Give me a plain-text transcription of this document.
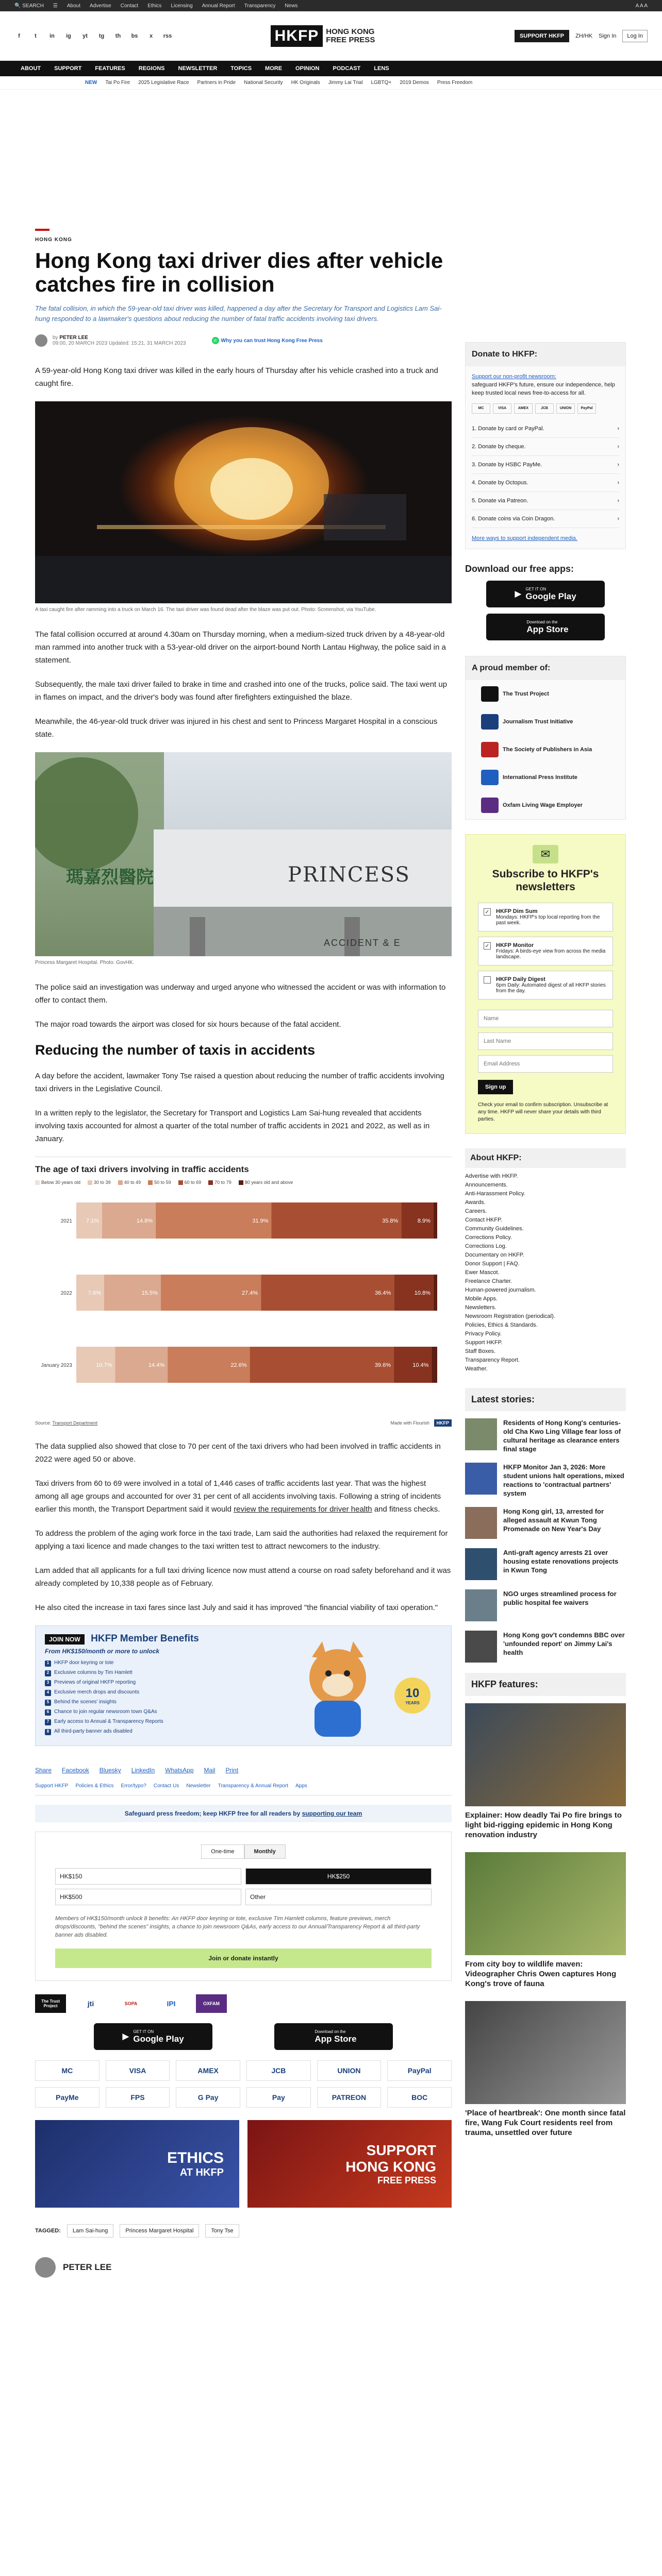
🔍 SEARCH ☰ About Advertise Contact Ethics Licensing Annual Report Transparency News	A A A
f	t	in	ig	yt	tg	th	bs	x	rss	HKFP HONG KONG
FREE PRESS	SUPPORT HKFP	ZH/HK Sign In	Log In
ABOUT SUPPORT FEATURES REGIONS NEWSLETTER TOPICS MORE OPINION PODCAST LENS
NEW Tai Po Fire 2025 Legislative Race Partners in Pride National Security HK Originals Jimmy Lai Trial LGBTQ+ 2019 Demos Press Freedom
HONG KONG
Hong Kong taxi driver dies after vehicle catches fire in collision
The fatal collision, in which the 59-year-old taxi driver was killed, happened a day after the Secretary for Transport and Logistics Lam Sai-hung responded to a lawmaker's questions about reducing the number of fatal traffic accidents involving taxi drivers.
by PETER LEE
09:00, 20 MARCH 2023 Updated: 15:21, 31 MARCH 2023	✆ Why you can trust Hong Kong Free Press

A 59-year-old Hong Kong taxi driver was killed in the early hours of Thursday after his vehicle crashed into a truck and caught fire.

A taxi caught fire after ramming into a truck on March 16. The taxi driver was found dead after the blaze was put out. Photo: Screenshot, via YouTube.

The fatal collision occurred at around 4.30am on Thursday morning, when a medium-sized truck driven by a 48-year-old man rammed into another truck with a 53-year-old driver on the airport-bound North Lantau Highway, the police said in a statement.

Subsequently, the male taxi driver failed to brake in time and crashed into one of the trucks, police said. The taxi went up in flames on impact, and the driver's body was found after firefighters extinguished the blaze.

Meanwhile, the 46-year-old truck driver was injured in his chest and sent to Princess Margaret Hospital in a conscious state.

瑪嘉烈醫院	PRINCESS
ACCIDENT & E
Princess Margaret Hospital. Photo: GovHK.

The police said an investigation was underway and urged anyone who witnessed the accident or was with information to offer to contact them.

The major road towards the airport was closed for six hours because of the fatal accident.

Reducing the number of taxis in accidents

A day before the accident, lawmaker Tony Tse raised a question about reducing the number of traffic accidents involving taxi drivers in the Legislative Council.

In a written reply to the legislator, the Secretary for Transport and Logistics Lam Sai-hung revealed that accidents involving taxis accounted for almost a quarter of the total number of traffic accidents in 2021 and 2022, as well as in January.

The age of taxi drivers involving in traffic accidents
Below 30 years old	30 to 39	40 to 49	50 to 59	60 to 69	70 to 79	80 years old and above
2021 7.1%	14.8%	31.9%	35.8%	8.9%
2022	7.6%	15.5%	27.4%	36.4%	10.8%
January 2023	10.7%	14.4%	22.6%	39.6%	10.4%
Source: Transport Department	Made with Flourish HKFP

The data supplied also showed that close to 70 per cent of the taxi drivers who had been involved in traffic accidents in 2022 were aged 50 or above.

Taxi drivers from 60 to 69 were involved in a total of 1,446 cases of traffic accidents last year. That was the highest among all age groups and accounted for over 31 per cent of all accidents involving taxis. Following a string of incidents earlier this month, the Transport Department said it would review the requirements for driver health and fitness checks.

To address the problem of the aging work force in the taxi trade, Lam said the authorities had relaxed the requirement for applying a taxi licence and made changes to the taxi written test to attract newcomers to the industry.

Lam added that all applicants for a full taxi driving licence now must attend a course on road safety beforehand and it was already completed by 10,338 people as of February.

He also cited the increase in taxi fares since last July and said it has improved "the financial viability of taxi operation."

JOIN NOW HKFP Member Benefits
From HK$150/month or more to unlock
1 HKFP door keyring or tote
2 Exclusive columns by Tim Hamlett
3 Previews of original HKFP reporting
4 Exclusive merch drops and discounts
5 Behind the scenes' insights
6 Chance to join regular newsroom town Q&As
7 Early access to Annual & Transparency Reports
8 All third-party banner ads disabled
10
YEARS
Share Facebook Bluesky LinkedIn WhatsApp Mail Print
Support HKFP Policies & Ethics Error/typo? Contact Us Newsletter Transparency & Annual Report Apps
Safeguard press freedom; keep HKFP free for all readers by supporting our team
One-time	Monthly
HK$150	HK$250
HK$500	Other
Members of HK$150/month unlock 8 benefits: An HKFP door keyring or tote, exclusive Tim Hamlett columns, feature previews, merch drops/discounts, "behind the scenes" insights, a chance to join newsroom Q&As, early access to our Annual/Transparency Report & all third-party banner ads disabled.
Join or donate instantly
The Trust Project	jti	SOPA	IPI	OXFAM
▶ GET IT ON
Google Play
Download on the
App Store
MC	VISA	AMEX	JCB	UNION	PayPal
PayMe	FPS	G Pay	Pay	PATREON	BOC
ETHICS
AT HKFP
SUPPORT
HONG KONG
FREE PRESS
TAGGED:	Lam Sai-hung	Princess Margaret Hospital	Tony Tse
PETER LEE
Donate to HKFP:
Support our non-profit newsroom:
safeguard HKFP's future, ensure our independence, help keep trusted local news free-to-access for all.
MC	VISA	AMEX	JCB	UNION	PayPal
1. Donate by card or PayPal.	›
2. Donate by cheque.	›
3. Donate by HSBC PayMe.	›
4. Donate by Octopus.	›
5. Donate via Patreon.	›
6. Donate coins via Coin Dragon.	›
More ways to support independent media.
Download our free apps:
▶ GET IT ON
Google Play
Download on the
App Store
A proud member of:
The Trust Project
Journalism Trust Initiative
The Society of Publishers in Asia
International Press Institute
Oxfam Living Wage Employer
✉
Subscribe to HKFP's newsletters
✓ HKFP Dim Sum
Mondays: HKFP's top local reporting from the past week.
✓ HKFP Monitor
Fridays: A birds-eye view from across the media landscape.
HKFP Daily Digest
6pm Daily: Automated digest of all HKFP stories from the day.
Name Last Name Email Address Sign up
Check your email to confirm subscription. Unsubscribe at any time. HKFP will never share your details with third parties.
About HKFP:
Advertise with HKFP.
Announcements.
Anti-Harassment Policy.
Awards.
Careers.
Contact HKFP.
Community Guidelines.
Corrections Policy.
Corrections Log.
Documentary on HKFP.
Donor Support | FAQ.
Ewer Mascot.
Freelance Charter.
Human-powered journalism.
Mobile Apps.
Newsletters.
Newsroom Registration (periodical).
Policies, Ethics & Standards.
Privacy Policy.
Support HKFP.
Staff Boxes.
Transparency Report.
Weather.
Latest stories:
Residents of Hong Kong's centuries-old Cha Kwo Ling Village fear loss of cultural heritage as clearance enters final stage
HKFP Monitor Jan 3, 2026: More student unions halt operations, mixed reactions to 'contractual partners' system
Hong Kong girl, 13, arrested for alleged assault at Kwun Tong Promenade on New Year's Day
Anti-graft agency arrests 21 over housing estate renovations projects in Kwun Tong
NGO urges streamlined process for public hospital fee waivers
Hong Kong gov't condemns BBC over 'unfounded report' on Jimmy Lai's health
HKFP features:
Explainer: How deadly Tai Po fire brings to light bid-rigging epidemic in Hong Kong renovation industry
From city boy to wildlife maven: Videographer Chris Owen captures Hong Kong's trove of fauna
'Place of heartbreak': One month since fatal fire, Wang Fuk Court residents reel from trauma, unsettled over future
